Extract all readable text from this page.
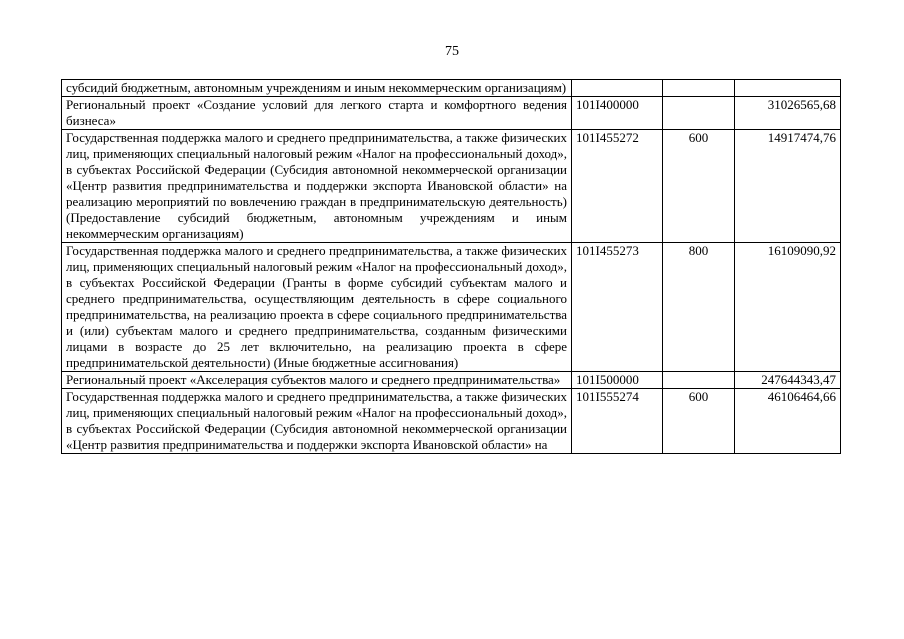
75
субсидий бюджетным, автономным учреждениям и иным некоммерческим организациям)			
Региональный проект «Создание условий для легкого старта и комфортного ведения бизнеса»	101I400000		31026565,68
Государственная поддержка малого и среднего предпринимательства, а также физических лиц, применяющих специальный налоговый режим «Налог на профессиональный доход», в субъектах Российской Федерации (Субсидия автономной некоммерческой организации «Центр развития предпринимательства и поддержки экспорта Ивановской области» на реализацию мероприятий по вовлечению граждан в предпринимательскую деятельность) (Предоставление субсидий бюджетным, автономным учреждениям и иным некоммерческим организациям)	101I455272	600	14917474,76
Государственная поддержка малого и среднего предпринимательства, а также физических лиц, применяющих специальный налоговый режим «Налог на профессиональный доход», в субъектах Российской Федерации (Гранты в форме субсидий субъектам малого и среднего предпринимательства, осуществляющим деятельность в сфере социального предпринимательства, на реализацию проекта в сфере социального предпринимательства и (или) субъектам малого и среднего предпринимательства, созданным физическими лицами в возрасте до 25 лет включительно, на реализацию проекта в сфере предпринимательской деятельности) (Иные бюджетные ассигнования)	101I455273	800	16109090,92
Региональный проект «Акселерация субъектов малого и среднего предпринимательства»	101I500000		247644343,47
Государственная поддержка малого и среднего предпринимательства, а также физических лиц, применяющих специальный налоговый режим «Налог на профессиональный доход», в субъектах Российской Федерации (Субсидия автономной некоммерческой организации «Центр развития предпринимательства и поддержки экспорта Ивановской области» на	101I555274	600	46106464,66
